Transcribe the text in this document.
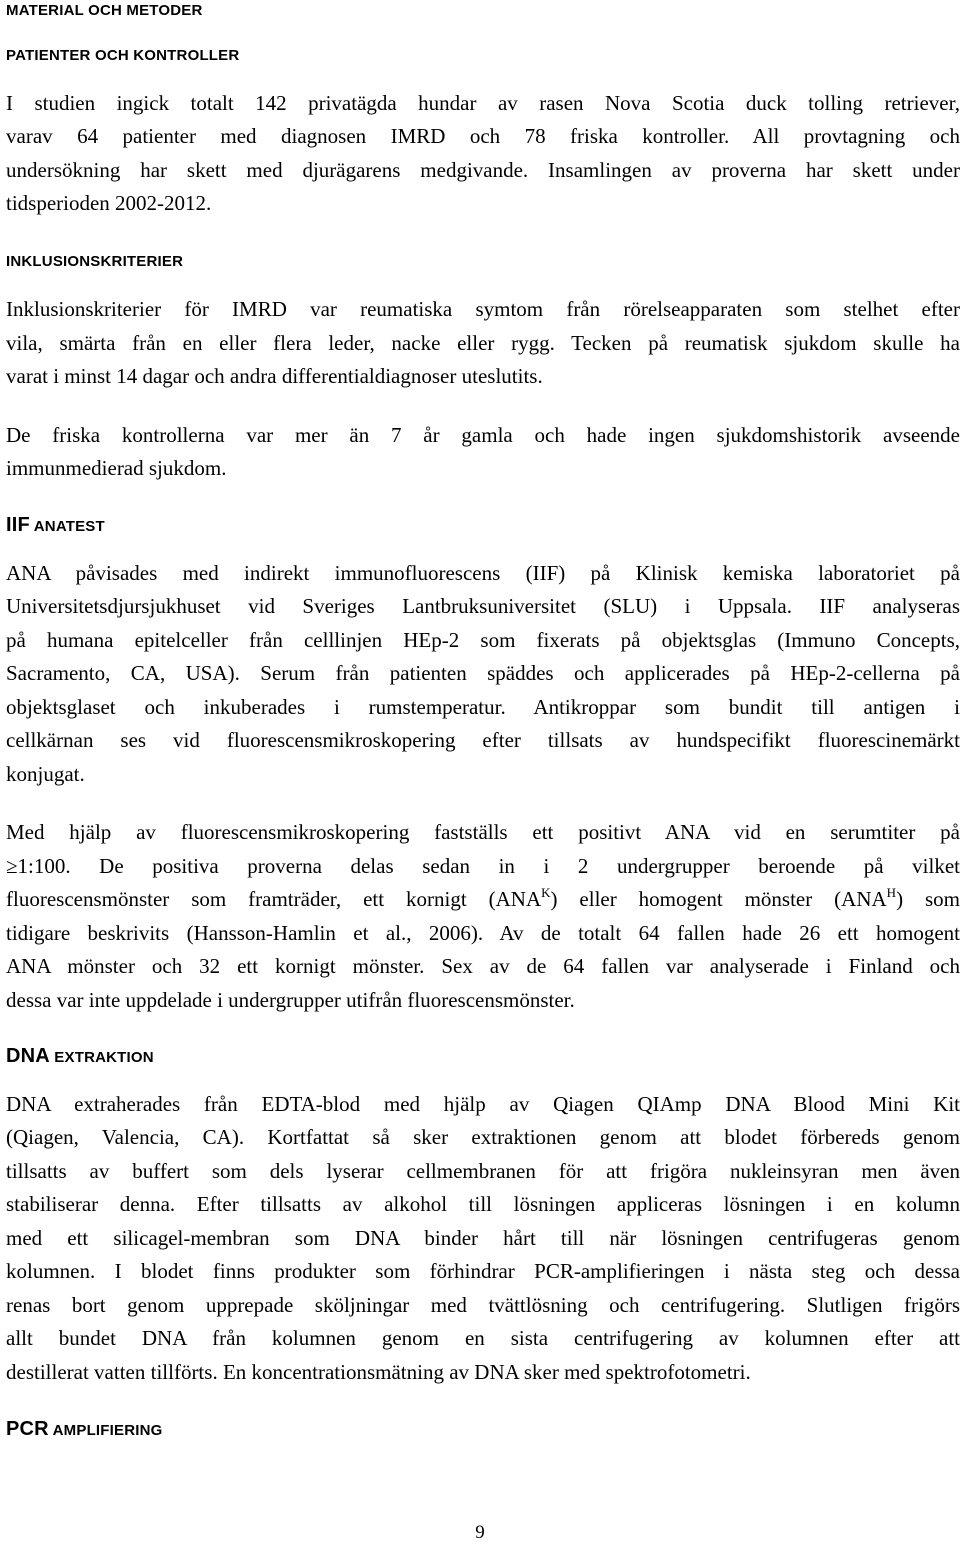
MATERIAL OCH METODER
PATIENTER OCH KONTROLLER
I studien ingick totalt 142 privatägda hundar av rasen Nova Scotia duck tolling retriever,
varav 64 patienter med diagnosen IMRD och 78 friska kontroller. All provtagning och
undersökning har skett med djurägarens medgivande. Insamlingen av proverna har skett under
tidsperioden 2002-2012.
INKLUSIONSKRITERIER
Inklusionskriterier för IMRD var reumatiska symtom från rörelseapparaten som stelhet efter
vila, smärta från en eller flera leder, nacke eller rygg. Tecken på reumatisk sjukdom skulle ha
varat i minst 14 dagar och andra differentialdiagnoser uteslutits.
De friska kontrollerna var mer än 7 år gamla och hade ingen sjukdomshistorik avseende
immunmedierad sjukdom.
IIF ANATEST
ANA påvisades med indirekt immunofluorescens (IIF) på Klinisk kemiska laboratoriet på
Universitetsdjursjukhuset vid Sveriges Lantbruksuniversitet (SLU) i Uppsala. IIF analyseras
på humana epitelceller från celllinjen HEp-2 som fixerats på objektsglas (Immuno Concepts,
Sacramento, CA, USA). Serum från patienten späddes och applicerades på HEp-2-cellerna på
objektsglaset och inkuberades i rumstemperatur. Antikroppar som bundit till antigen i
cellkärnan ses vid fluorescensmikroskopering efter tillsats av hundspecifikt fluorescinemärkt
konjugat.
Med hjälp av fluorescensmikroskopering fastställs ett positivt ANA vid en serumtiter på
≥1:100. De positiva proverna delas sedan in i 2 undergrupper beroende på vilket
fluorescensmönster som framträder, ett kornigt $(ANA^K)$ eller homogent mönster $(ANA^H)$ som
tidigare beskrivits (Hansson-Hamlin et al., 2006). Av de totalt 64 fallen hade 26 ett homogent
ANA mönster och 32 ett kornigt mönster. Sex av de 64 fallen var analyserade i Finland och
dessa var inte uppdelade i undergrupper utifrån fluorescensmönster.
DNA EXTRAKTION
DNA extraherades från EDTA-blod med hjälp av Qiagen QIAmp DNA Blood Mini Kit
(Qiagen, Valencia, CA). Kortfattat så sker extraktionen genom att blodet förbereds genom
tillsatts av buffert som dels lyserar cellmembranen för att frigöra nukleinsyran men även
stabiliserar denna. Efter tillsatts av alkohol till lösningen appliceras lösningen i en kolumn
med ett silicagel-membran som DNA binder hårt till när lösningen centrifugeras genom
kolumnen. I blodet finns produkter som förhindrar PCR-amplifieringen i nästa steg och dessa
renas bort genom upprepade sköljningar med tvättlösning och centrifugering. Slutligen frigörs
allt bundet DNA från kolumnen genom en sista centrifugering av kolumnen efter att
destillerat vatten tillförts. En koncentrationsmätning av DNA sker med spektrofotometri.
PCR AMPLIFIERING
9
